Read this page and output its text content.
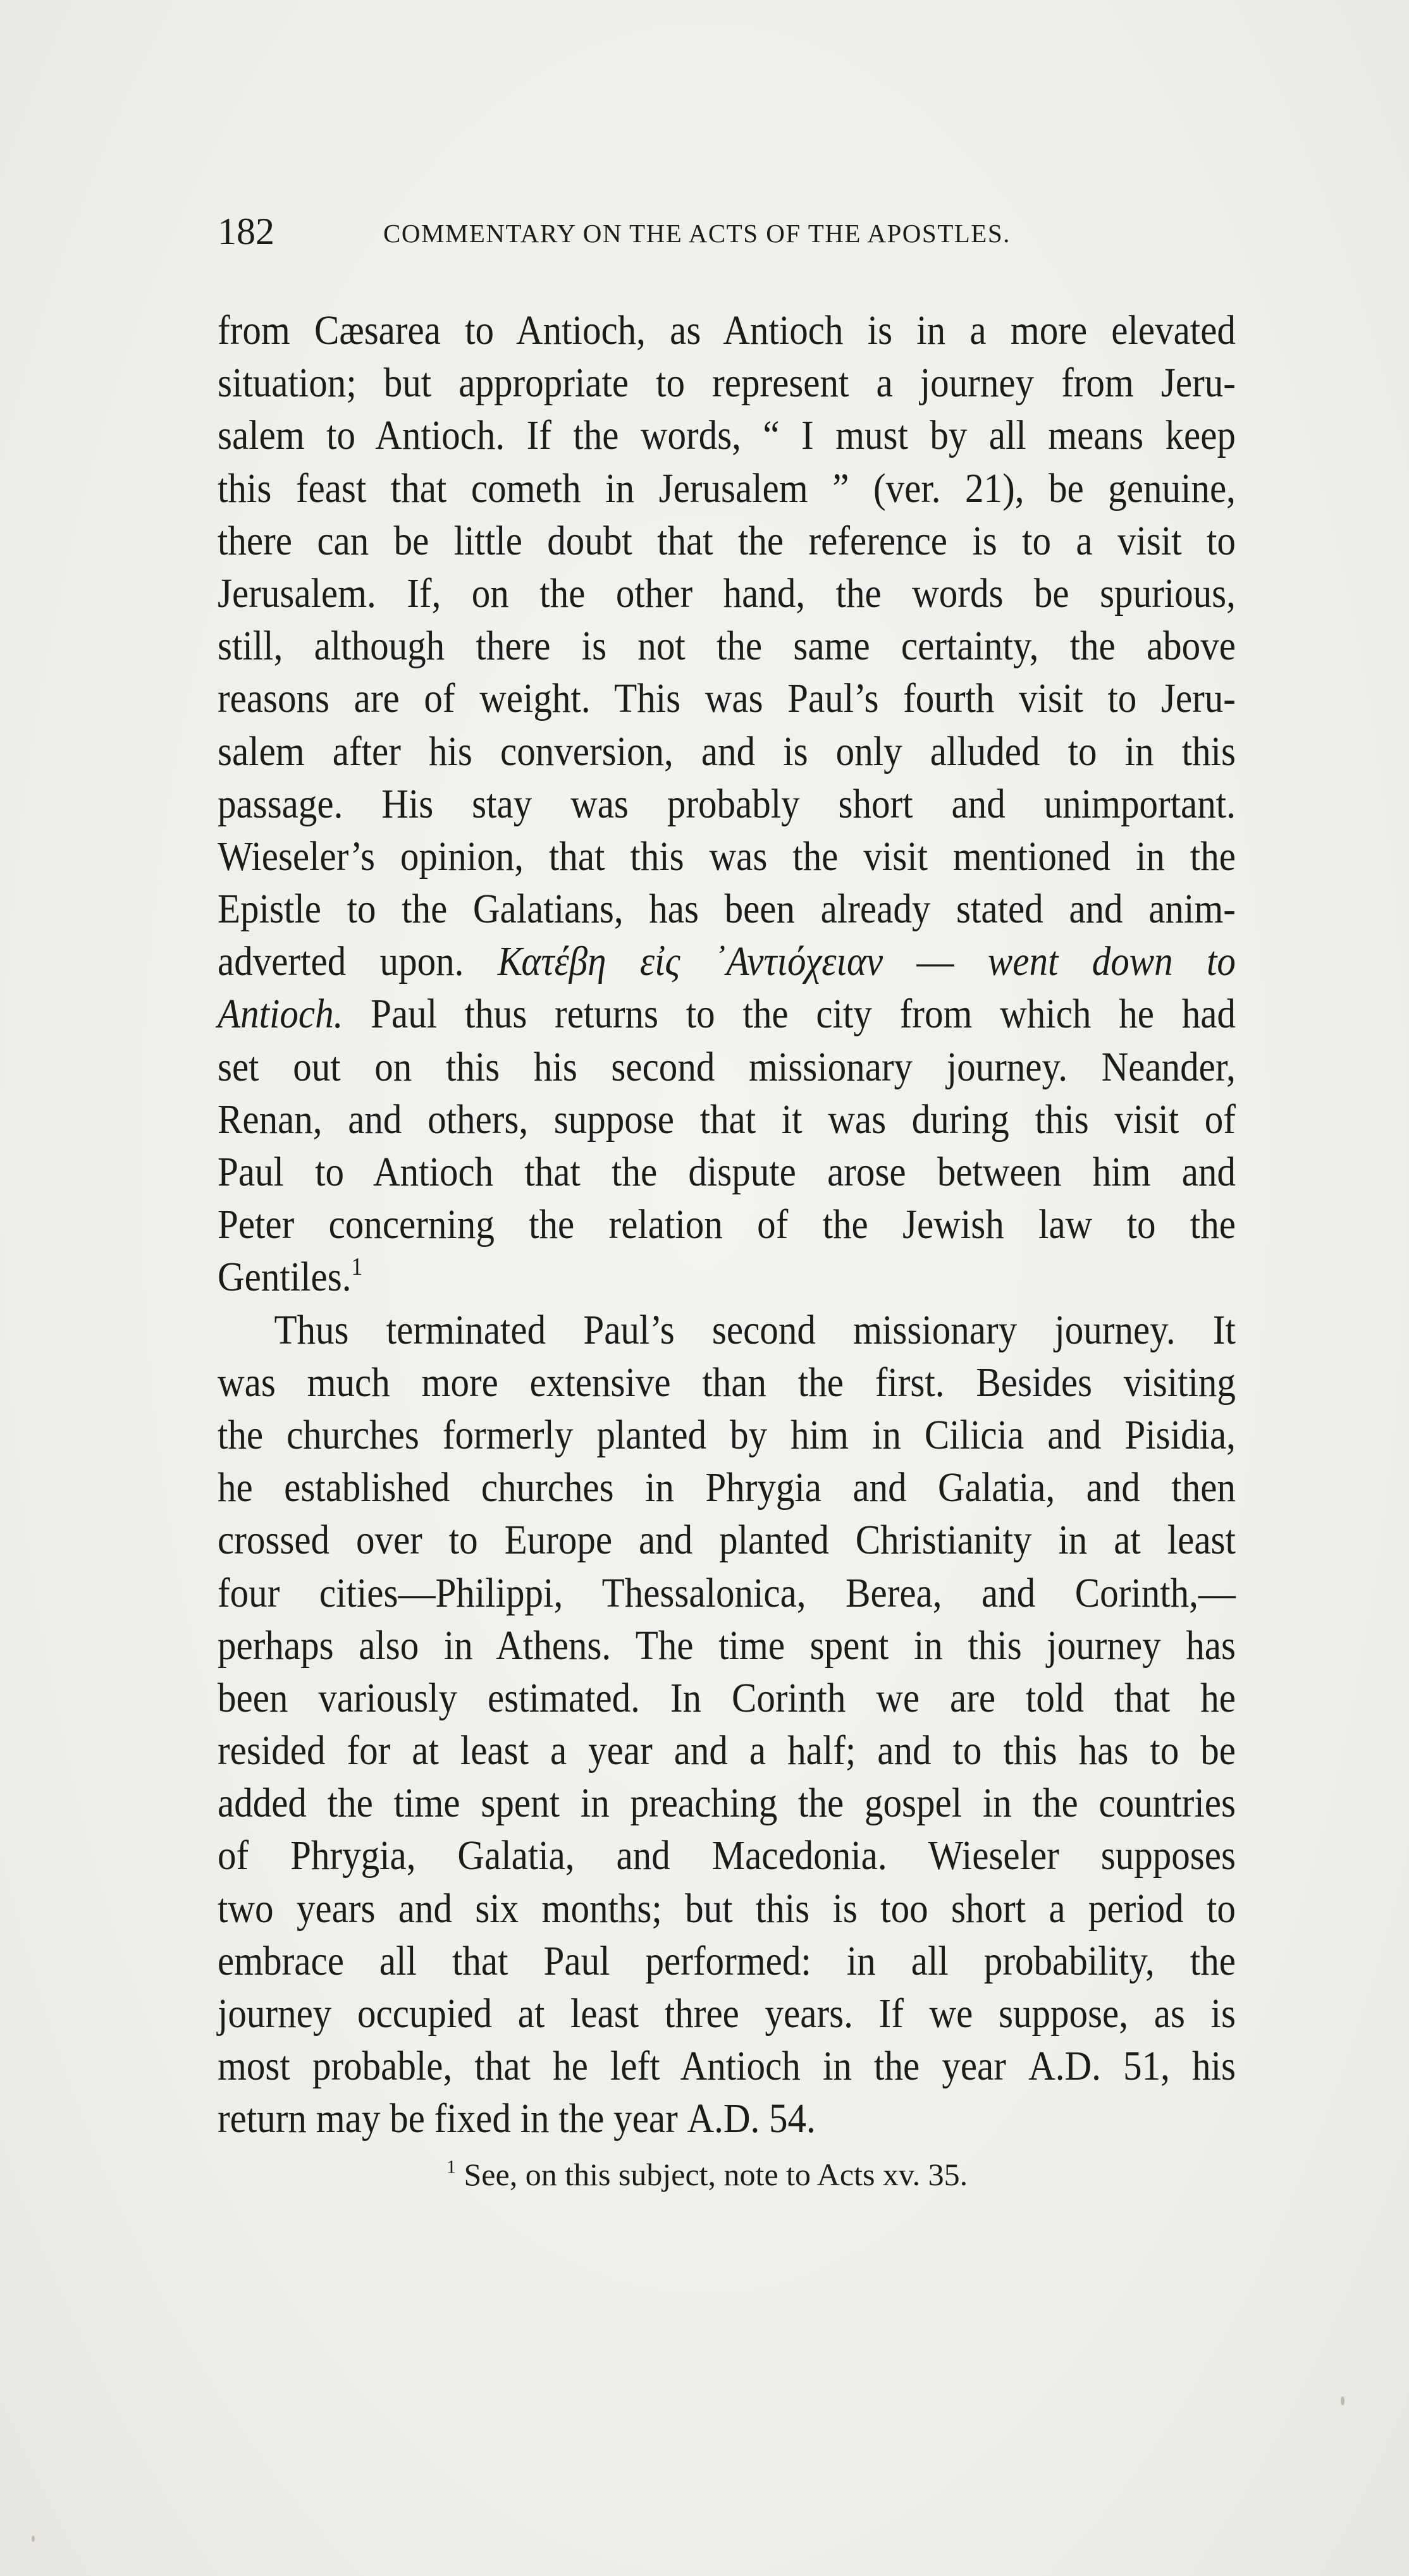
182	COMMENTARY ON THE ACTS OF THE APOSTLES.
from Cæsarea to Antioch, as Antioch is in a more elevated
situation; but appropriate to represent a journey from Jeru-
salem to Antioch. If the words, “ I must by all means keep
this feast that cometh in Jerusalem ” (ver. 21), be genuine,
there can be little doubt that the reference is to a visit to
Jerusalem. If, on the other hand, the words be spurious,
still, although there is not the same certainty, the above
reasons are of weight. This was Paul’s fourth visit to Jeru-
salem after his conversion, and is only alluded to in this
passage. His stay was probably short and unimportant.
Wieseler’s opinion, that this was the visit mentioned in the
Epistle to the Galatians, has been already stated and anim-
adverted upon. Κατέβη εἰς ᾿Αντιόχειαν — went down to
Antioch. Paul thus returns to the city from which he had
set out on this his second missionary journey. Neander,
Renan, and others, suppose that it was during this visit of
Paul to Antioch that the dispute arose between him and
Peter concerning the relation of the Jewish law to the
Gentiles.$^1$
Thus terminated Paul’s second missionary journey. It
was much more extensive than the first. Besides visiting
the churches formerly planted by him in Cilicia and Pisidia,
he established churches in Phrygia and Galatia, and then
crossed over to Europe and planted Christianity in at least
four cities—Philippi, Thessalonica, Berea, and Corinth,—
perhaps also in Athens. The time spent in this journey has
been variously estimated. In Corinth we are told that he
resided for at least a year and a half; and to this has to be
added the time spent in preaching the gospel in the countries
of Phrygia, Galatia, and Macedonia. Wieseler supposes
two years and six months; but this is too short a period to
embrace all that Paul performed: in all probability, the
journey occupied at least three years. If we suppose, as is
most probable, that he left Antioch in the year A.D. 51, his
return may be fixed in the year A.D. 54.
$^1$ See, on this subject, note to Acts xv. 35.
